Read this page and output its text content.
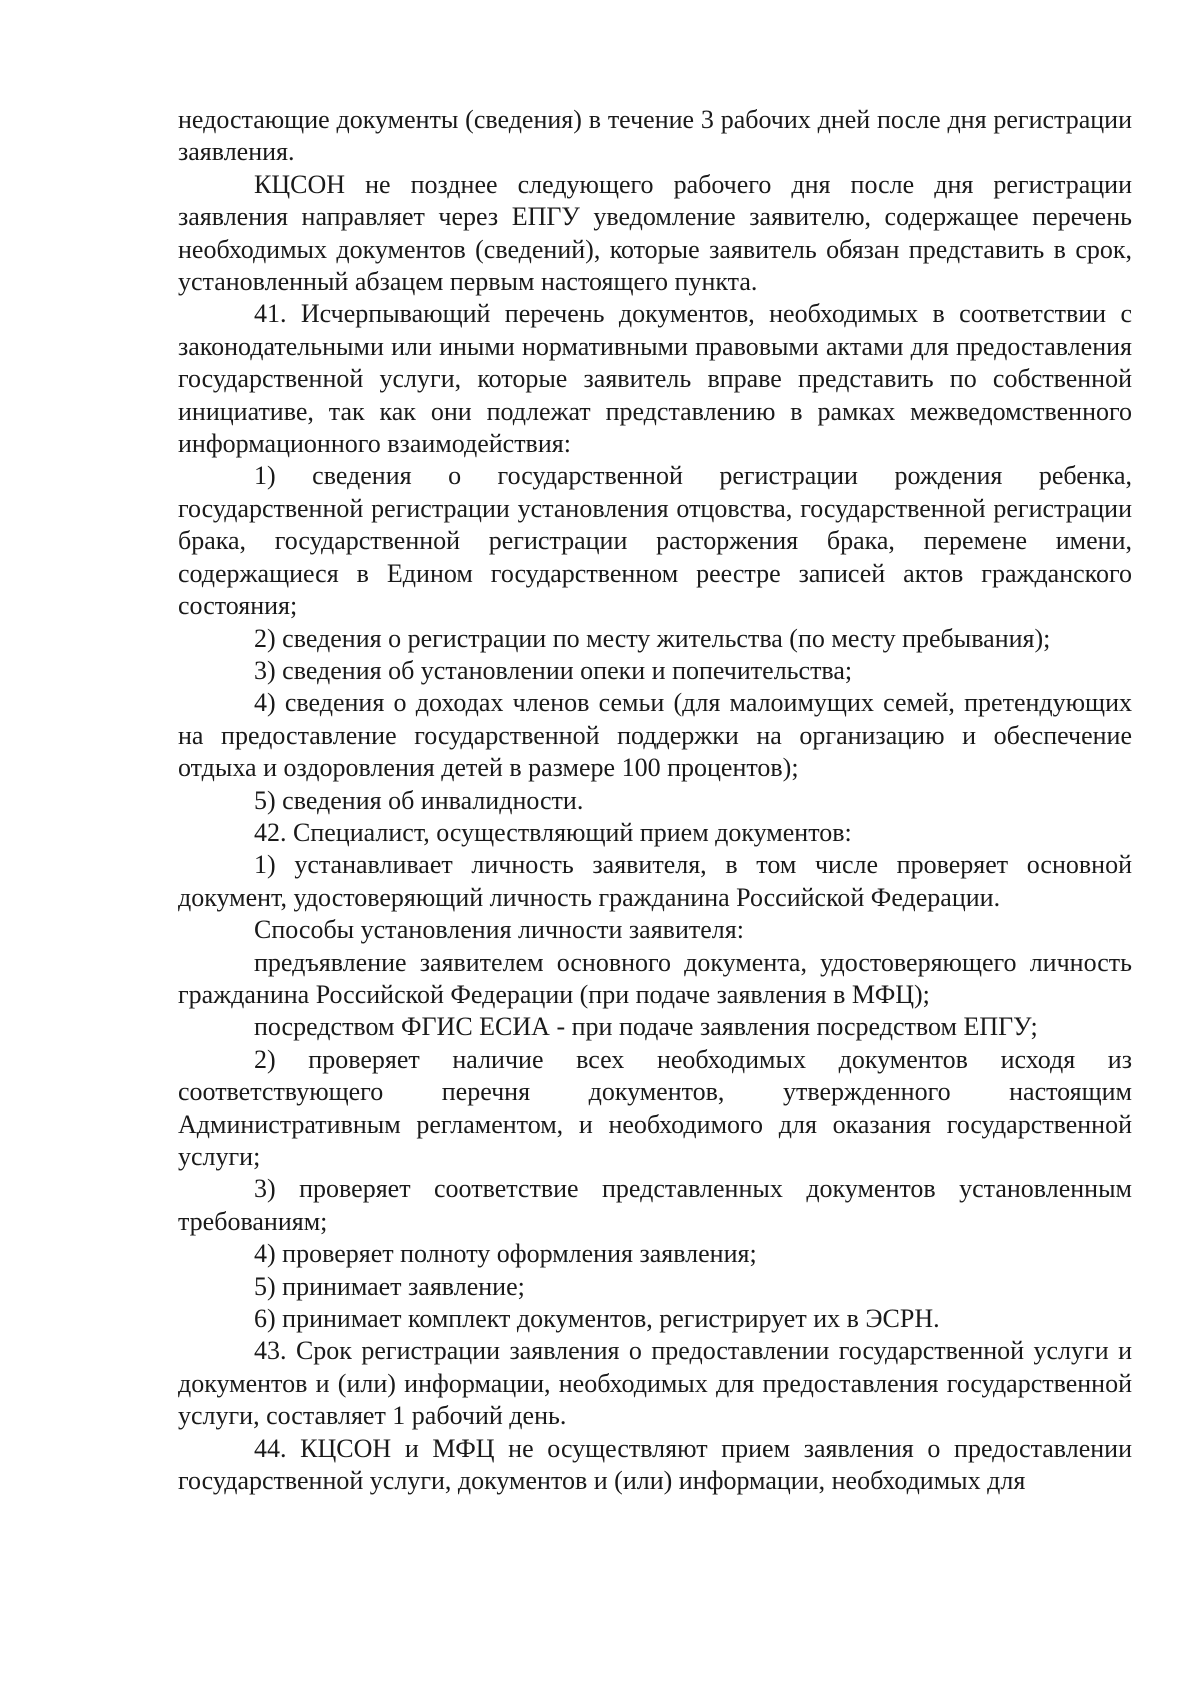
недостающие документы (сведения) в течение 3 рабочих дней после дня регистрации заявления.

КЦСОН не позднее следующего рабочего дня после дня регистрации заявления направляет через ЕПГУ уведомление заявителю, содержащее перечень необходимых документов (сведений), которые заявитель обязан представить в срок, установленный абзацем первым настоящего пункта.

41. Исчерпывающий перечень документов, необходимых в соответствии с законодательными или иными нормативными правовыми актами для предоставления государственной услуги, которые заявитель вправе представить по собственной инициативе, так как они подлежат представлению в рамках межведомственного информационного взаимодействия:

1) сведения о государственной регистрации рождения ребенка, государственной регистрации установления отцовства, государственной регистрации брака, государственной регистрации расторжения брака, перемене имени, содержащиеся в Едином государственном реестре записей актов гражданского состояния;

2) сведения о регистрации по месту жительства (по месту пребывания);

3) сведения об установлении опеки и попечительства;

4) сведения о доходах членов семьи (для малоимущих семей, претендующих на предоставление государственной поддержки на организацию и обеспечение отдыха и оздоровления детей в размере 100 процентов);

5) сведения об инвалидности.

42. Специалист, осуществляющий прием документов:

1) устанавливает личность заявителя, в том числе проверяет основной документ, удостоверяющий личность гражданина Российской Федерации.

Способы установления личности заявителя:

предъявление заявителем основного документа, удостоверяющего личность гражданина Российской Федерации (при подаче заявления в МФЦ);

посредством ФГИС ЕСИА - при подаче заявления посредством ЕПГУ;

2) проверяет наличие всех необходимых документов исходя из соответствующего перечня документов, утвержденного настоящим Административным регламентом, и необходимого для оказания государственной услуги;

3) проверяет соответствие представленных документов установленным требованиям;

4) проверяет полноту оформления заявления;

5) принимает заявление;

6) принимает комплект документов, регистрирует их в ЭСРН.

43. Срок регистрации заявления о предоставлении государственной услуги и документов и (или) информации, необходимых для предоставления государственной услуги, составляет 1 рабочий день.

44. КЦСОН и МФЦ не осуществляют прием заявления о предоставлении государственной услуги, документов и (или) информации, необходимых для
